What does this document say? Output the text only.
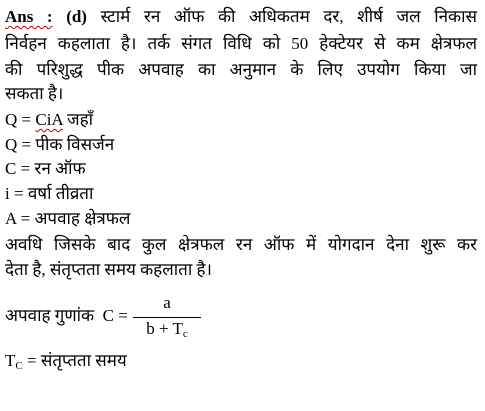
Ans : (d) स्टार्म रन ऑफ की अधिकतम दर, शीर्ष जल निकास
निर्वहन कहलाता है। तर्क संगत विधि को 50 हेक्टेयर से कम क्षेत्रफल
की परिशुद्ध पीक अपवाह का अनुमान के लिए उपयोग किया जा
सकता है।
Q = CiA जहाँ
Q = पीक विसर्जन
C = रन ऑफ
i = वर्षा तीव्रता
A = अपवाह क्षेत्रफल
अवधि जिसके बाद कुल क्षेत्रफल रन ऑफ में योगदान देना शुरू कर
देता है, संतृप्तता समय कहलाता है।
अपवाह गुणांक C =
a
$b + T_c$
$T_C$ = संतृप्तता समय
